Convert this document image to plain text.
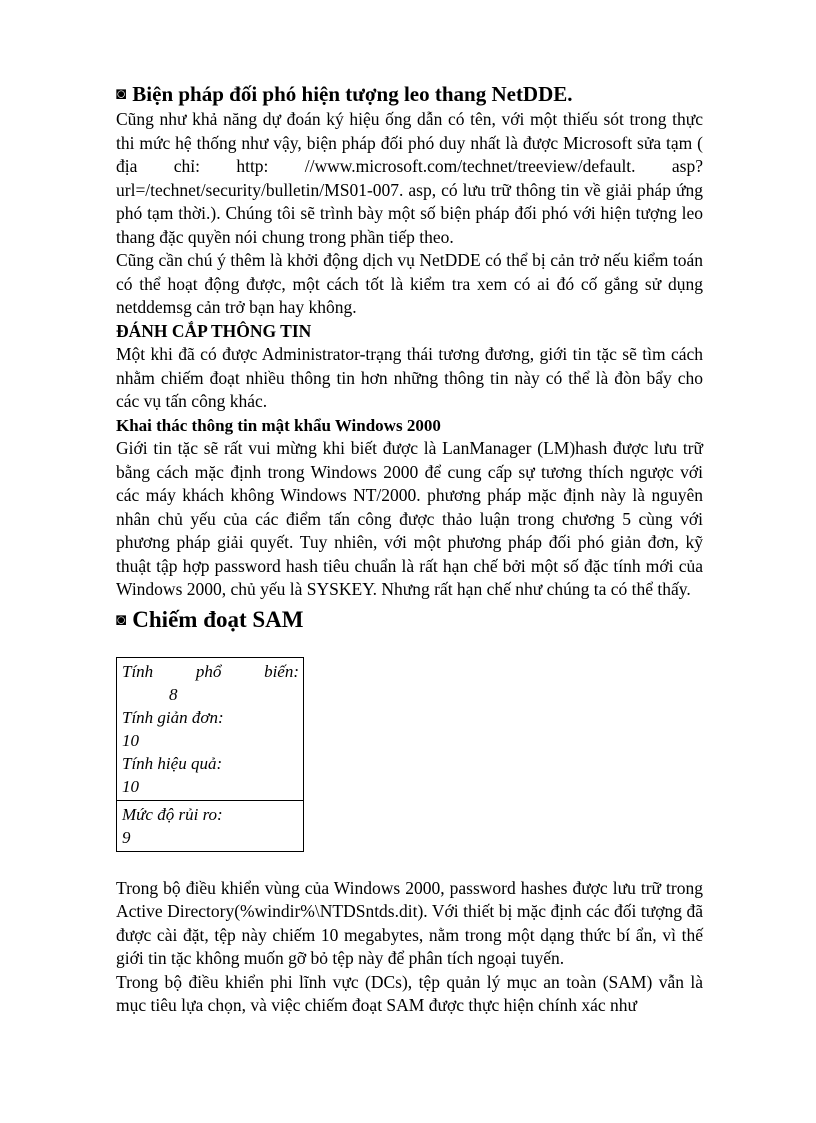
◙ Biện pháp đối phó hiện tượng leo thang NetDDE.

Cũng như khả năng dự đoán ký hiệu ống dẫn có tên, với một thiếu sót trong thực thi mức hệ thống như vậy, biện pháp đối phó duy nhất là được Microsoft sửa tạm ( địa chỉ: http: //www.microsoft.com/technet/treeview/default. asp? url=/technet/security/bulletin/MS01-007. asp, có lưu trữ thông tin về giải pháp ứng phó tạm thời.). Chúng tôi sẽ trình bày một số biện pháp đối phó với hiện tượng leo thang đặc quyền nói chung trong phần tiếp theo.

Cũng cần chú ý thêm là khởi động dịch vụ NetDDE có thể bị cản trở nếu kiểm toán có thể hoạt động được, một cách tốt là kiểm tra xem có ai đó cố gắng sử dụng netddemsg cản trở bạn hay không.

ĐÁNH CẮP THÔNG TIN

Một khi đã có được Administrator-trạng thái tương đương, giới tin tặc sẽ tìm cách nhằm chiếm đoạt nhiều thông tin hơn những thông tin này có thể là đòn bẩy cho các vụ tấn công khác.

Khai thác thông tin mật khẩu Windows 2000

Giới tin tặc sẽ rất vui mừng khi biết được là LanManager (LM)hash được lưu trữ bằng cách mặc định trong Windows 2000 để cung cấp sự tương thích ngược với các máy khách không Windows NT/2000. phương pháp mặc định này là nguyên nhân chủ yếu của các điểm tấn công được thảo luận trong chương 5 cùng với phương pháp giải quyết. Tuy nhiên, với một phương pháp đối phó giản đơn, kỹ thuật tập hợp password hash tiêu chuẩn là rất hạn chế bởi một số đặc tính mới của Windows 2000, chủ yếu là SYSKEY. Nhưng rất hạn chế như chúng ta có thể thấy.

◙ Chiếm đoạt SAM
Tính	phổ	biến:
8
Tính giản đơn:
10
Tính hiệu quả:
10
Mức độ rủi ro:
9

Trong bộ điều khiển vùng của Windows 2000, password hashes được lưu trữ trong Active Directory(%windir%\NTDSntds.dit). Với thiết bị mặc định các đối tượng đã được cài đặt, tệp này chiếm 10 megabytes, nằm trong một dạng thức bí ẩn, vì thế giới tin tặc không muốn gỡ bỏ tệp này để phân tích ngoại tuyến.

Trong bộ điều khiển phi lĩnh vực (DCs), tệp quản lý mục an toàn (SAM) vẫn là mục tiêu lựa chọn, và việc chiếm đoạt SAM được thực hiện chính xác như
